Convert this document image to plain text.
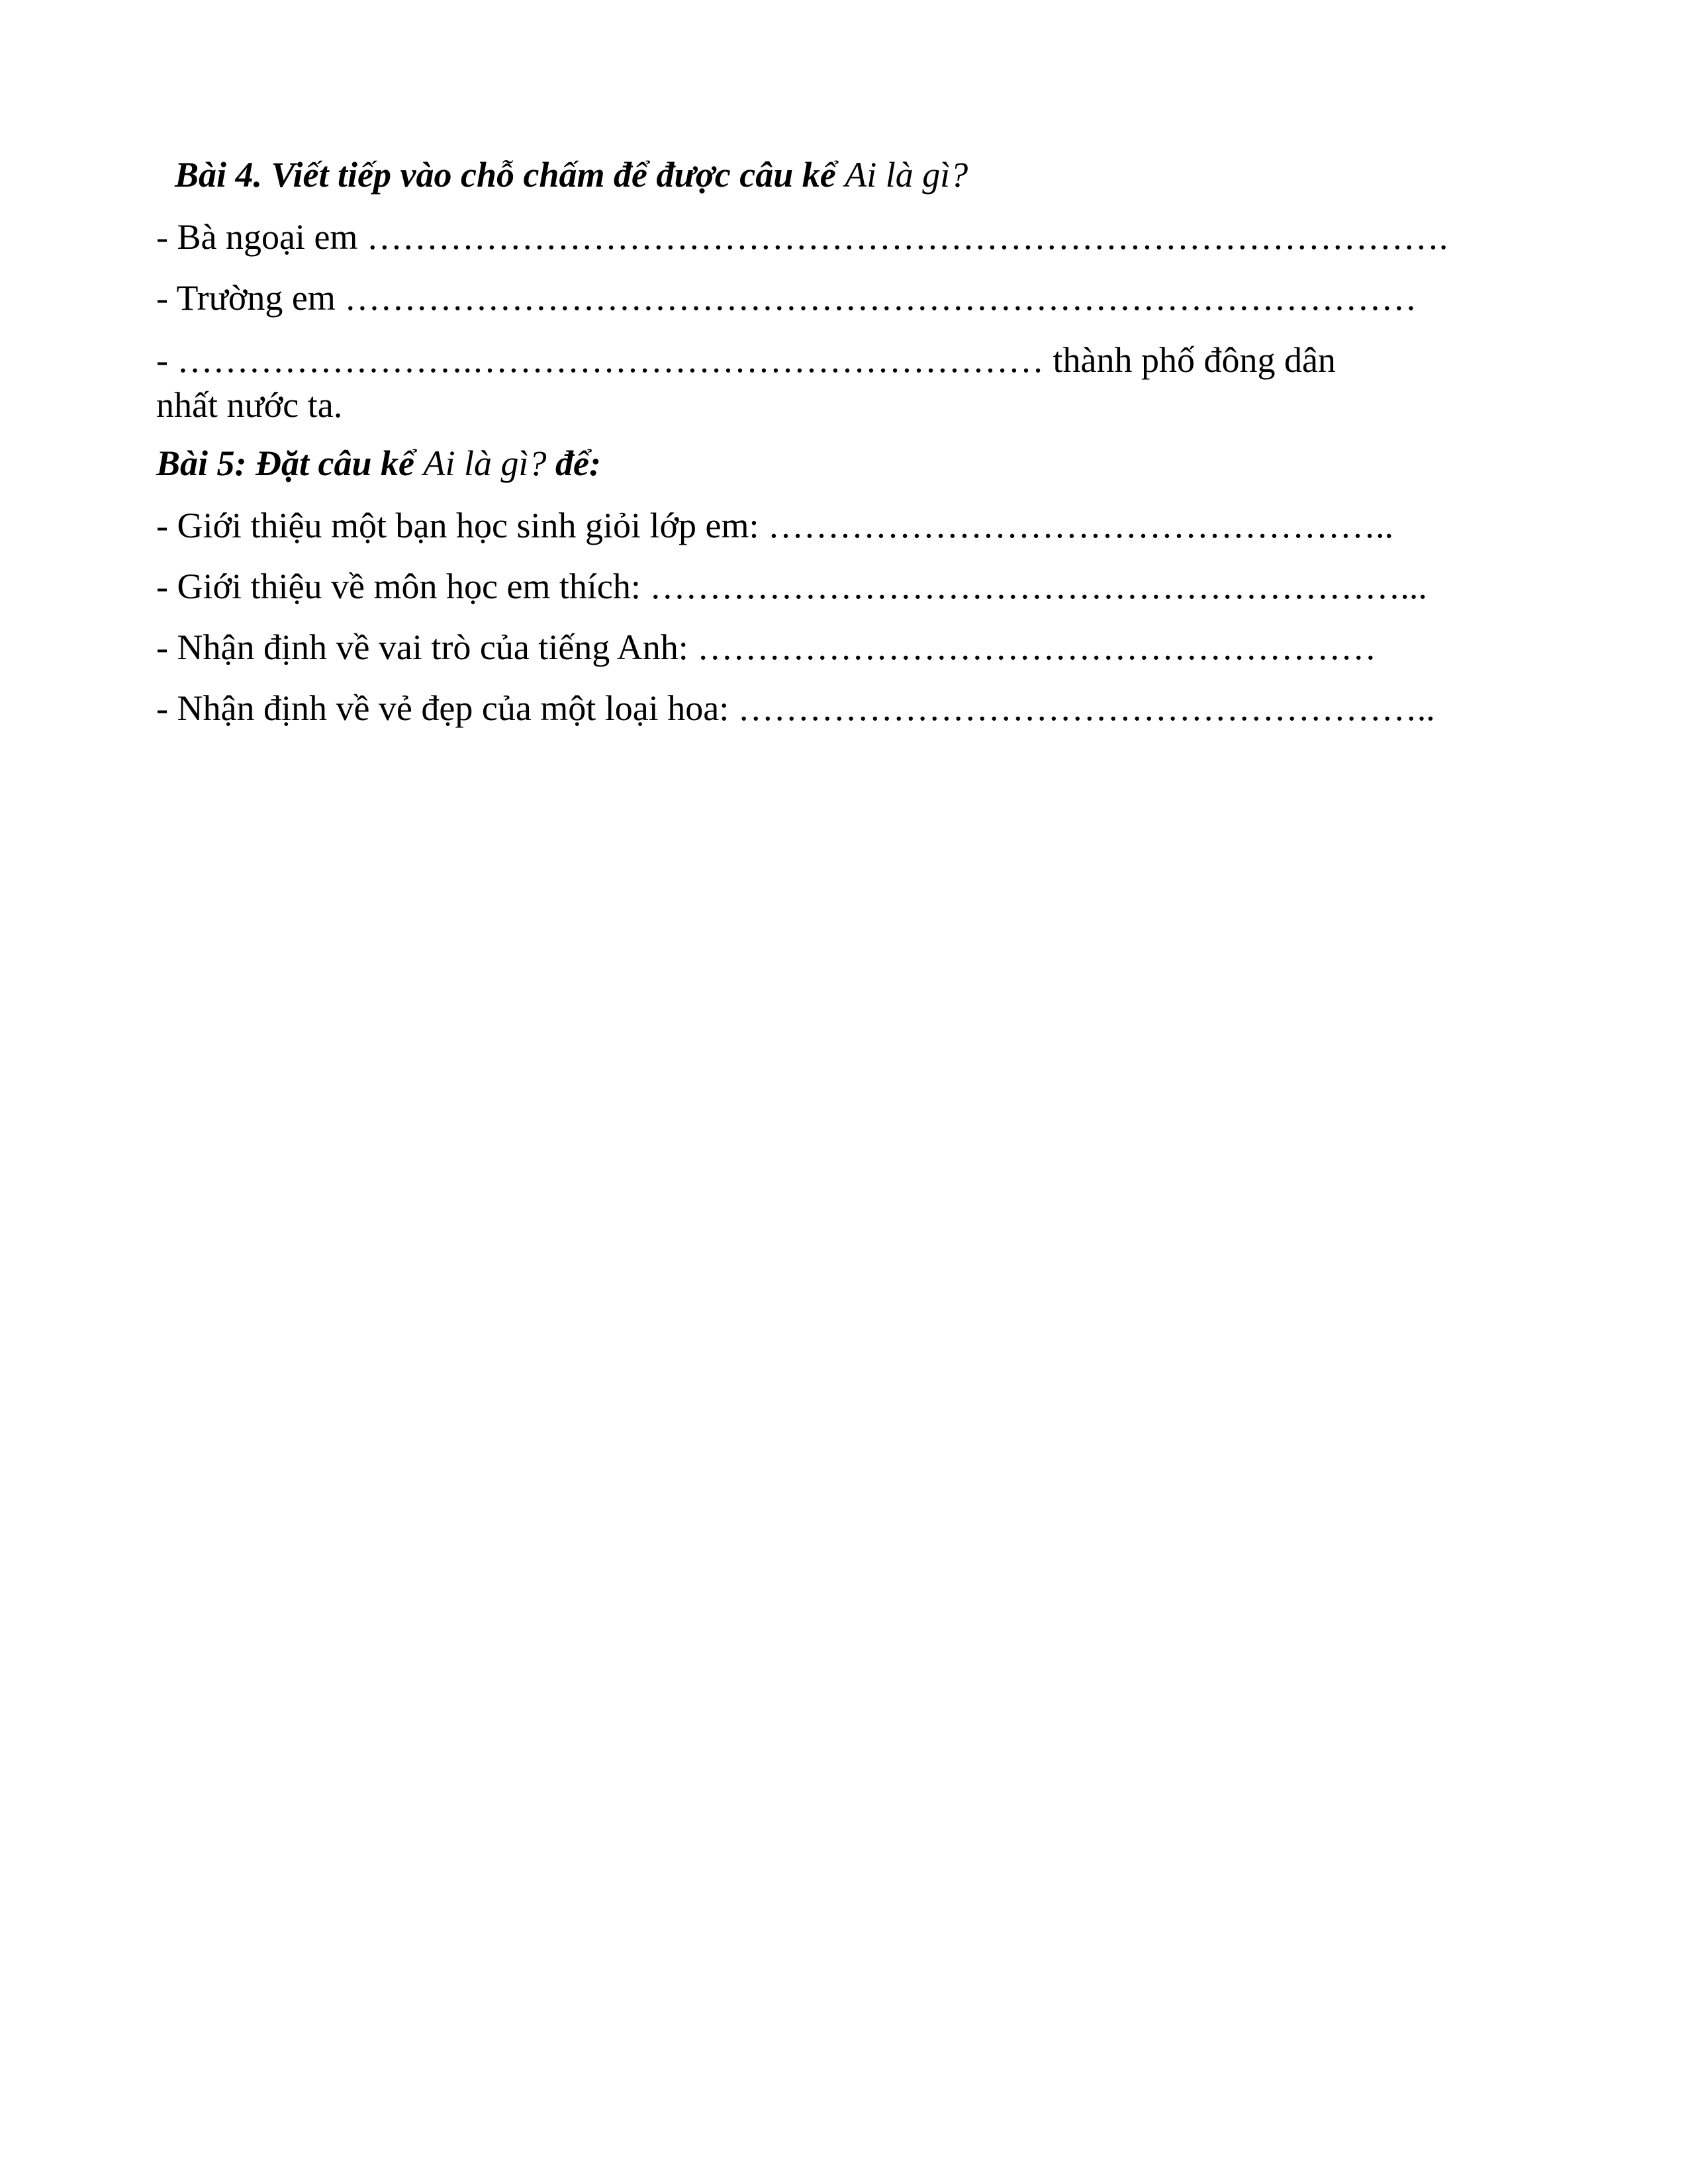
Bài 4. Viết tiếp vào chỗ chấm để được câu kể Ai là gì?
- Bà ngoại em ……………………………………………………………………………….
- Trường em ………………………………………………………………………………
- …………………….………………………………………… thành phố đông dân
nhất nước ta.
Bài 5: Đặt câu kể Ai là gì? để:
- Giới thiệu một bạn học sinh giỏi lớp em: ……………………………………………..
- Giới thiệu về môn học em thích: ………………………………………………………...
- Nhận định về vai trò của tiếng Anh: …………………………………………………
- Nhận định về vẻ đẹp của một loại hoa: …………………………………………………..
